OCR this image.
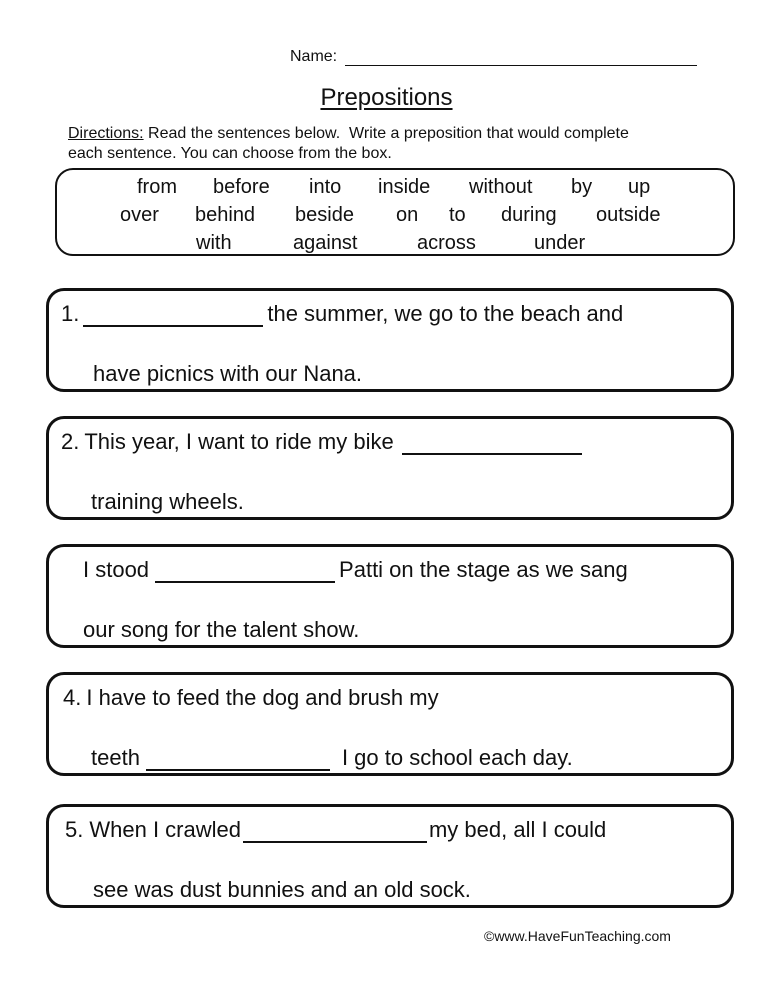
Name:
Prepositions
Directions: Read the sentences below.  Write a preposition that would complete
each sentence. You can choose from the box.
from before into inside without by up
over behind beside on to during outside
with	against	across	under
1.	the summer, we go to the beach and
have picnics with our Nana.
2. This year, I want to ride my bike
training wheels.
I stood	Patti on the stage as we sang
our song for the talent show.
4. I have to feed the dog and brush my
teeth	I go to school each day.
5. When I crawled	my bed, all I could
see was dust bunnies and an old sock.
©www.HaveFunTeaching.com
